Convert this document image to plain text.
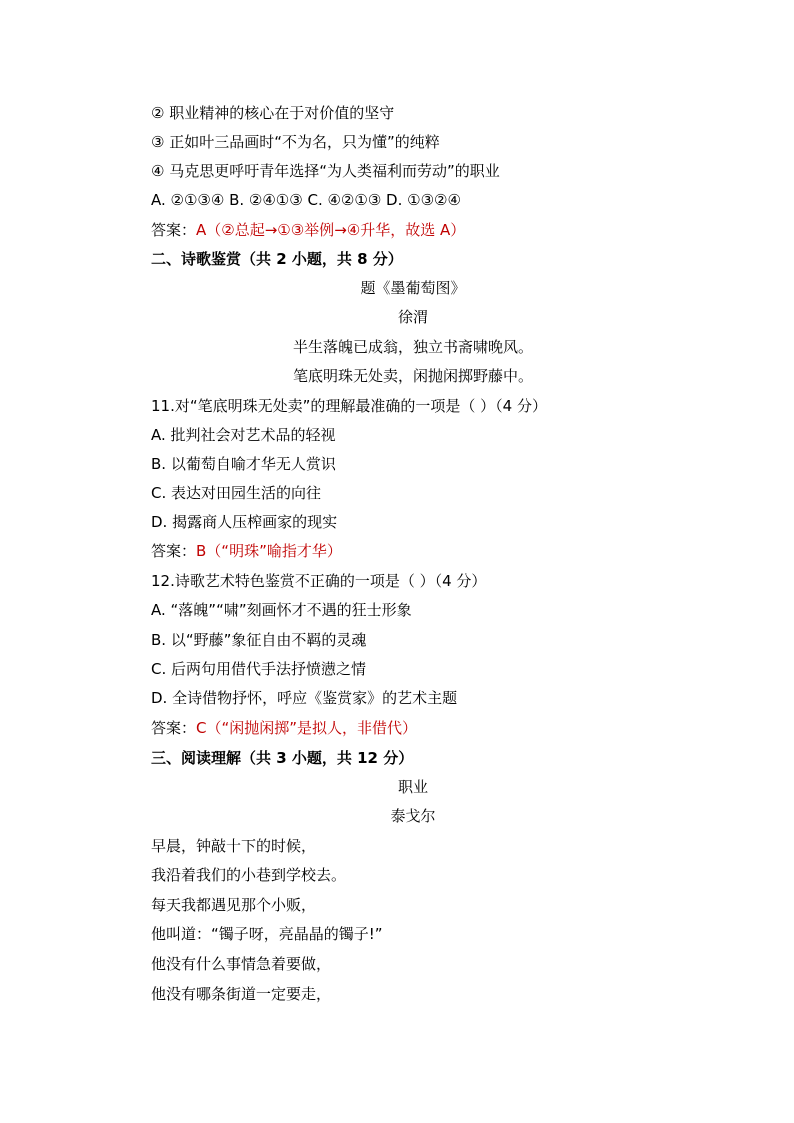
② 职业精神的核心在于对价值的坚守
③ 正如叶三品画时“不为名，只为懂”的纯粹
④ 马克思更呼吁青年选择“为人类福利而劳动”的职业
A. ②①③④ B. ②④①③ C. ④②①③ D. ①③②④
答案：A（②总起→①③举例→④升华，故选 A）
二、诗歌鉴赏（共 2 小题，共 8 分）
题《墨葡萄图》
徐渭
半生落魄已成翁，独立书斋啸晚风。
笔底明珠无处卖，闲抛闲掷野藤中。
11.对“笔底明珠无处卖”的理解最准确的一项是（ ）（4 分）
A. 批判社会对艺术品的轻视
B. 以葡萄自喻才华无人赏识
C. 表达对田园生活的向往
D. 揭露商人压榨画家的现实
答案：B（“明珠”喻指才华）
12.诗歌艺术特色鉴赏不正确的一项是（ ）（4 分）
A. “落魄”“啸”刻画怀才不遇的狂士形象
B. 以“野藤”象征自由不羁的灵魂
C. 后两句用借代手法抒愤懑之情
D. 全诗借物抒怀，呼应《鉴赏家》的艺术主题
答案：C（“闲抛闲掷”是拟人，非借代）
三、阅读理解（共 3 小题，共 12 分）
职业
泰戈尔
早晨，钟敲十下的时候，
我沿着我们的小巷到学校去。
每天我都遇见那个小贩，
他叫道：“镯子呀，亮晶晶的镯子!”
他没有什么事情急着要做，
他没有哪条街道一定要走，
